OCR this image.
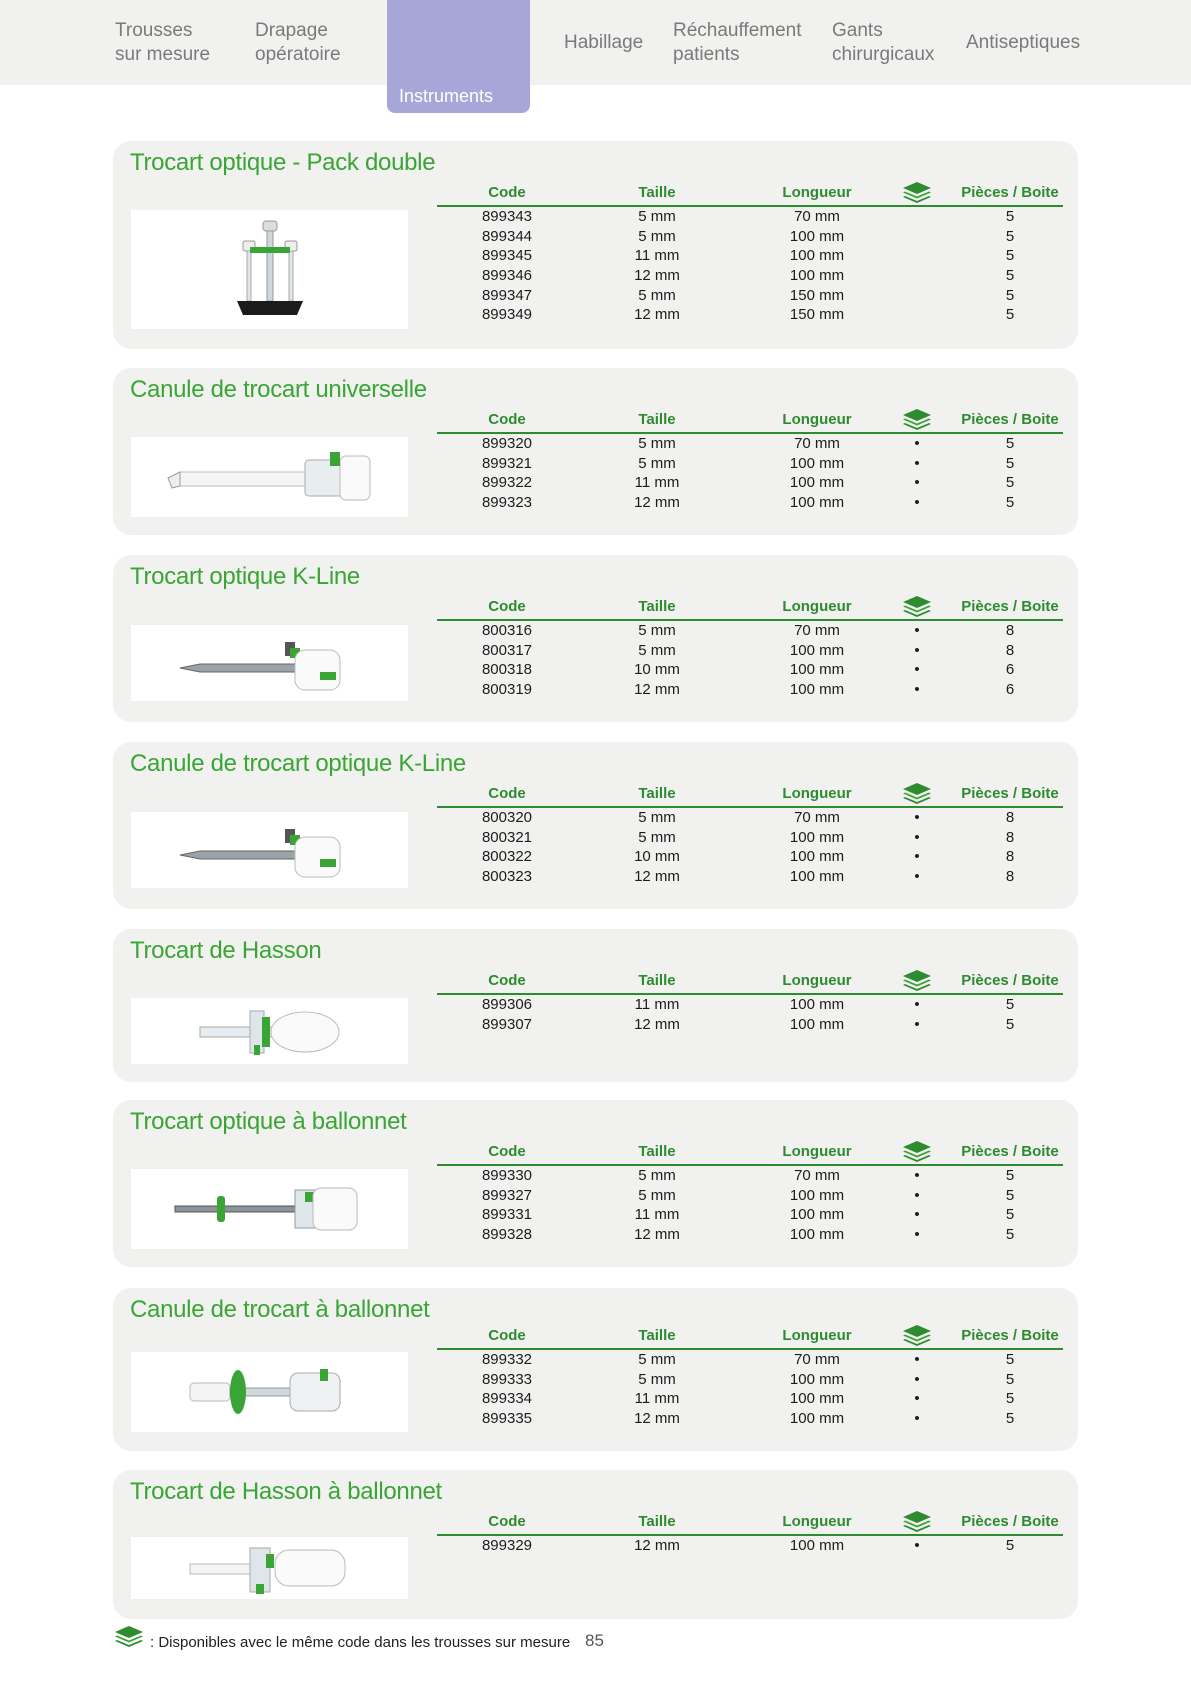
Trousses
sur mesure
Drapage
opératoire
Instruments
Habillage
Réchauffement
patients
Gants
chirurgicaux
Antiseptiques
Trocart optique - Pack double
Code	Taille	Longueur	Pièces / Boite
899343	5 mm	70 mm	5
899344	5 mm	100 mm	5
899345	11 mm	100 mm	5
899346	12 mm	100 mm	5
899347	5 mm	150 mm	5
899349	12 mm	150 mm	5
Canule de trocart universelle
Code	Taille	Longueur	Pièces / Boite
899320	5 mm	70 mm	•	5
899321	5 mm	100 mm	•	5
899322	11 mm	100 mm	•	5
899323	12 mm	100 mm	•	5
Trocart optique K-Line
Code	Taille	Longueur	Pièces / Boite
800316	5 mm	70 mm	•	8
800317	5 mm	100 mm	•	8
800318	10 mm	100 mm	•	6
800319	12 mm	100 mm	•	6
Canule de trocart optique K-Line
Code	Taille	Longueur	Pièces / Boite
800320	5 mm	70 mm	•	8
800321	5 mm	100 mm	•	8
800322	10 mm	100 mm	•	8
800323	12 mm	100 mm	•	8
Trocart de Hasson
Code	Taille	Longueur	Pièces / Boite
899306	11 mm	100 mm	•	5
899307	12 mm	100 mm	•	5
Trocart optique à ballonnet
Code	Taille	Longueur	Pièces / Boite
899330	5 mm	70 mm	•	5
899327	5 mm	100 mm	•	5
899331	11 mm	100 mm	•	5
899328	12 mm	100 mm	•	5
Canule de trocart à ballonnet
Code	Taille	Longueur	Pièces / Boite
899332	5 mm	70 mm	•	5
899333	5 mm	100 mm	•	5
899334	11 mm	100 mm	•	5
899335	12 mm	100 mm	•	5
Trocart de Hasson à ballonnet
Code	Taille	Longueur	Pièces / Boite
899329	12 mm	100 mm	•	5
: Disponibles avec le même code dans les trousses sur mesure 85
